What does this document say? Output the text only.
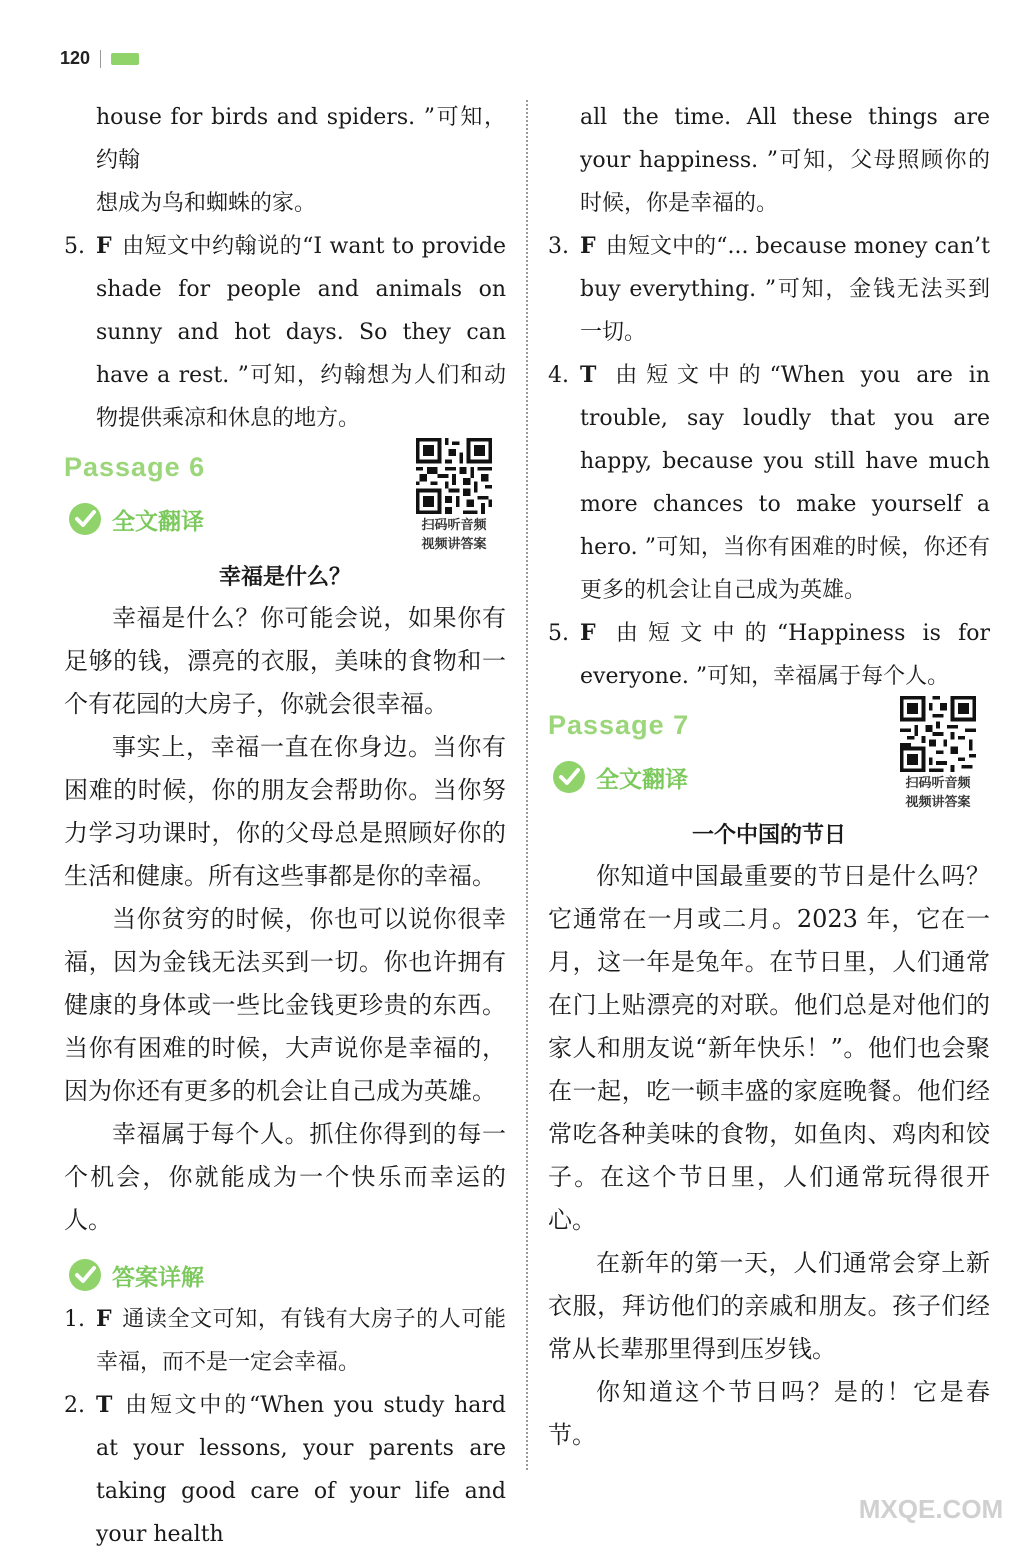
120

house for birds and spiders. ”可知，约翰

想成为鸟和蜘蛛的家。

5. F 由短文中约翰说的“I want to provide shade for people and animals on sunny and hot days. So they can have a rest. ”可知，约翰想为人们和动物提供乘凉和休息的地方。
Passage 6
全文翻译	扫码听音频
视频讲答案
幸福是什么？

幸福是什么？你可能会说，如果你有足够的钱，漂亮的衣服，美味的食物和一个有花园的大房子，你就会很幸福。

事实上，幸福一直在你身边。当你有困难的时候，你的朋友会帮助你。当你努力学习功课时，你的父母总是照顾好你的生活和健康。所有这些事都是你的幸福。

当你贫穷的时候，你也可以说你很幸福，因为金钱无法买到一切。你也许拥有健康的身体或一些比金钱更珍贵的东西。当你有困难的时候，大声说你是幸福的，因为你还有更多的机会让自己成为英雄。

幸福属于每个人。抓住你得到的每一个机会，你就能成为一个快乐而幸运的人。

答案详解
1. F 通读全文可知，有钱有大房子的人可能幸福，而不是一定会幸福。
2. T 由短文中的“When you study hard at your lessons, your parents are taking good care of your life and your health

all the time. All these things are your happiness. ”可知，父母照顾你的时候，你是幸福的。

3. F 由短文中的“... because money can’t buy everything. ”可知，金钱无法买到一切。
4. T 由短文中的“When you are in trouble, say loudly that you are happy, because you still have much more chances to make yourself a hero. ”可知，当你有困难的时候，你还有更多的机会让自己成为英雄。
5. F 由短文中的“Happiness is for everyone. ”可知，幸福属于每个人。
Passage 7
全文翻译	扫码听音频
视频讲答案
一个中国的节日

你知道中国最重要的节日是什么吗？它通常在一月或二月。2023 年，它在一月，这一年是兔年。在节日里，人们通常在门上贴漂亮的对联。他们总是对他们的家人和朋友说“新年快乐！”。他们也会聚在一起，吃一顿丰盛的家庭晚餐。他们经常吃各种美味的食物，如鱼肉、鸡肉和饺子。在这个节日里，人们通常玩得很开心。

在新年的第一天，人们通常会穿上新衣服，拜访他们的亲戚和朋友。孩子们经常从长辈那里得到压岁钱。

你知道这个节日吗？是的！它是春节。

MXQE.COM
